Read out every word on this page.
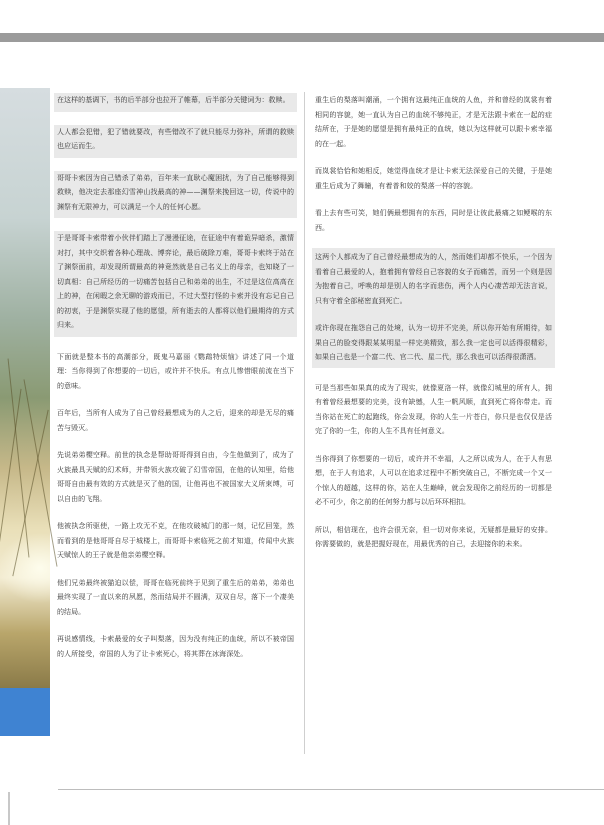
在这样的基调下，书的后半部分也拉开了帷幕，后半部分关键词为：救赎。

人人都会犯错，犯了错就要改，有些错改不了就只能尽力弥补，所谓的救赎也应运而生。

哥哥卡索因为自己错杀了弟弟，百年来一直耿心魔困扰，为了自己能够得到救赎，他决定去那座幻雪神山找最高的神——渊祭来挽回这一切，传说中的渊祭有无限神力，可以满足一个人的任何心愿。

于是哥哥卡索带着小伙伴们踏上了漫漫征途，在征途中有着诡异暗杀，激情对打，其中交织着各种心理战、博弈论，最后破除万难，哥哥卡索终于站在了渊祭面前，却发现所谓最高的神竟然就是自己名义上的母亲，也知晓了一切真相：自己所经历的一切痛苦包括自己和弟弟的出生，不过是这位高高在上的神，在闲暇之余无聊的游戏而已，不过大型打怪的卡索并没有忘记自己的初衷，于是渊祭实现了他的愿望，所有逝去的人都将以他们最期待的方式归来。

下面就是整本书的高潮部分，既鬼马嘉丽《鹦鹉特烦恼》讲述了同一个道理：当你得到了你想要的一切后，或许并不快乐。有点儿惨惜眼前流在当下的意味。

百年后，当所有人成为了自己曾经最想成为的人之后，迎来的却是无尽的痛苦与毁灭。

先说弟弟樱空释。前世的执念是帮助哥哥得到自由，今生他做到了，成为了火族最具天赋的幻术师，并带领火族攻破了幻雪帝国，在他的认知里，给他哥哥自由最有效的方式就是灭了他的国，让他再也不被国家大义所束缚，可以自由的飞翔。

他被执念所驱使，一路上攻无不克，在他攻破城门的那一刻，记忆回笼，然而看到的是他哥哥自尽于城楼上，而哥哥卡索临死之前才知道，传闻中火族天赋惊人的王子就是他亲弟樱空释。

他们兄弟最终被猫迫以偿，哥哥在临死前终于见到了重生后的弟弟，弟弟也最终实现了一直以来的夙愿，然而结局并不圆满，双双自尽，落下一个凄美的结局。

再说感情线，卡索最爱的女子叫梨落，因为没有纯正的血统，所以不被帝国的人所接受，帝国的人为了让卡索死心，将其葬在冰海深处。

重生后的梨落叫潮涌，一个拥有这最纯正血统的人鱼，并和曾经的岚裳有着相同的容貌，她一直认为自己的血统不够纯正，才是无法跟卡索在一起的症结所在，于是她的愿望是拥有最纯正的血统，她以为这样就可以跟卡索幸福的在一起。

而岚裳恰恰和她相反，她觉得血统才是让卡索无法深爱自己的关键，于是她重生后成为了舞瞳，有着普和姣的梨落一样的容貌。

看上去有些可笑，她们俩最想拥有的东西，同时是让彼此最痛之如鲠喉的东西。

这两个人都成为了自己曾经最想成为的人，然而她们却都不快乐，一个因为看着自己最爱的人，抱着拥有曾经自己容貌的女子而痛苦，而另一个则是因为抱着自己，呼唤的却是别人的名字而悲伤，两个人内心凄苦却无法言说，只有守着全部秘密直到死亡。

或许你现在拖怨自己的处境，认为一切并不完美，所以你开始有所期待，如果自己的脸变得跟某某明星一样完美精致，那么我一定也可以活得很精彩，如果自己也是一个富二代、官二代、星二代，那么我也可以活得很潇洒。

可是当那些如果真的成为了现实，就像夏洛一样，就像幻城里的所有人，拥有着曾经最想要的完美，没有缺憾，人生一帆风顺，直到死亡将你带走。而当你站在死亡的起跑线，你会发现，你的人生一片苍白，你只是也仅仅是活完了你的一生，你的人生不具有任何意义。

当你得到了你想要的一切后，或许并不幸福，人之所以成为人，在于人有思想，在于人有追求，人可以在追求过程中不断突破自己，不断完成一个又一个惊人的超越，这样的你，站在人生巅峰，就会发现你之前经历的一切都是必不可少，你之前的任何努力都与以后环环相扣。

所以，相信现在，也许会很无奈，但一切对你来说，无疑都是最好的安排。你需要做的，就是把握好现在，用最优秀的自己，去迎接你的未来。
